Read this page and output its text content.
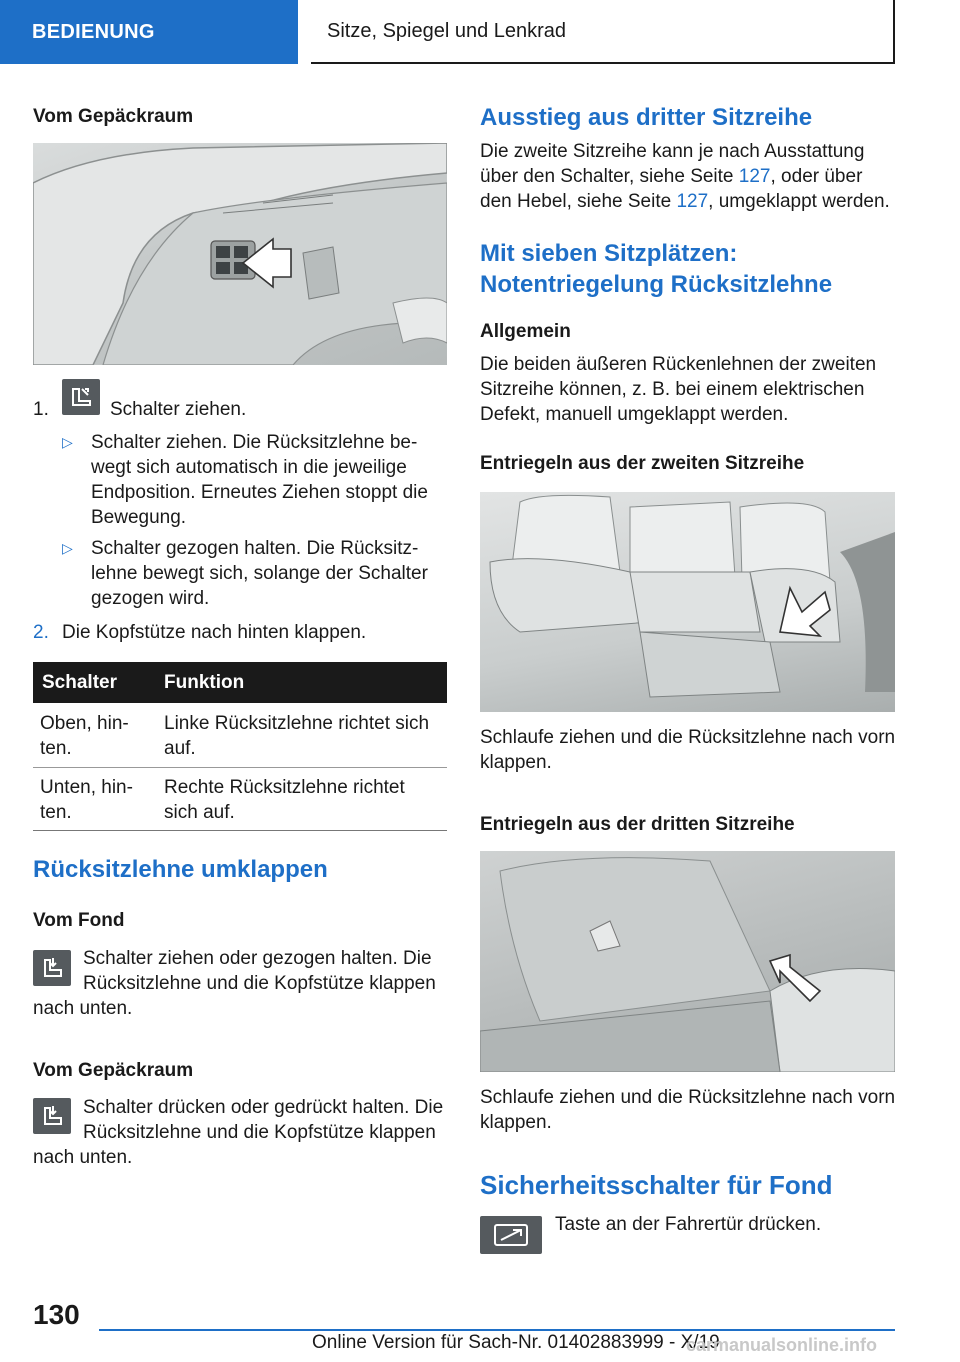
BEDIENUNG	Sitze, Spiegel und Lenkrad
Vom Gepäckraum
1.	Schalter ziehen.
▷ Schalter ziehen. Die Rücksitzlehne be-
wegt sich automatisch in die jeweilige
Endposition. Erneutes Ziehen stoppt die
Bewegung.
▷ Schalter gezogen halten. Die Rücksitz-
lehne bewegt sich, solange der Schalter
gezogen wird.
2. Die Kopfstütze nach hinten klappen.
Schalter Funktion
Oben, hin-
ten.
Linke Rücksitzlehne richtet sich
auf.
Unten, hin-
ten.
Rechte Rücksitzlehne richtet
sich auf.
Rücksitzlehne umklappen
Vom Fond
Schalter ziehen oder gezogen halten. Die
Rücksitzlehne und die Kopfstütze klappen
nach unten.
Vom Gepäckraum
Schalter drücken oder gedrückt halten. Die
Rücksitzlehne und die Kopfstütze klappen
nach unten.
Ausstieg aus dritter Sitzreihe
Die zweite Sitzreihe kann je nach Ausstattung
über den Schalter, siehe Seite 127, oder über
den Hebel, siehe Seite 127, umgeklappt werden.
Mit sieben Sitzplätzen:
Notentriegelung Rücksitzlehne
Allgemein
Die beiden äußeren Rückenlehnen der zweiten
Sitzreihe können, z. B. bei einem elektrischen
Defekt, manuell umgeklappt werden.
Entriegeln aus der zweiten Sitzreihe
Schlaufe ziehen und die Rücksitzlehne nach vorn
klappen.
Entriegeln aus der dritten Sitzreihe
Schlaufe ziehen und die Rücksitzlehne nach vorn
klappen.
Sicherheitsschalter für Fond
Taste an der Fahrertür drücken.
130
Online Version für Sach-Nr. 01402883999 - X/19
carmanualsonline.info
